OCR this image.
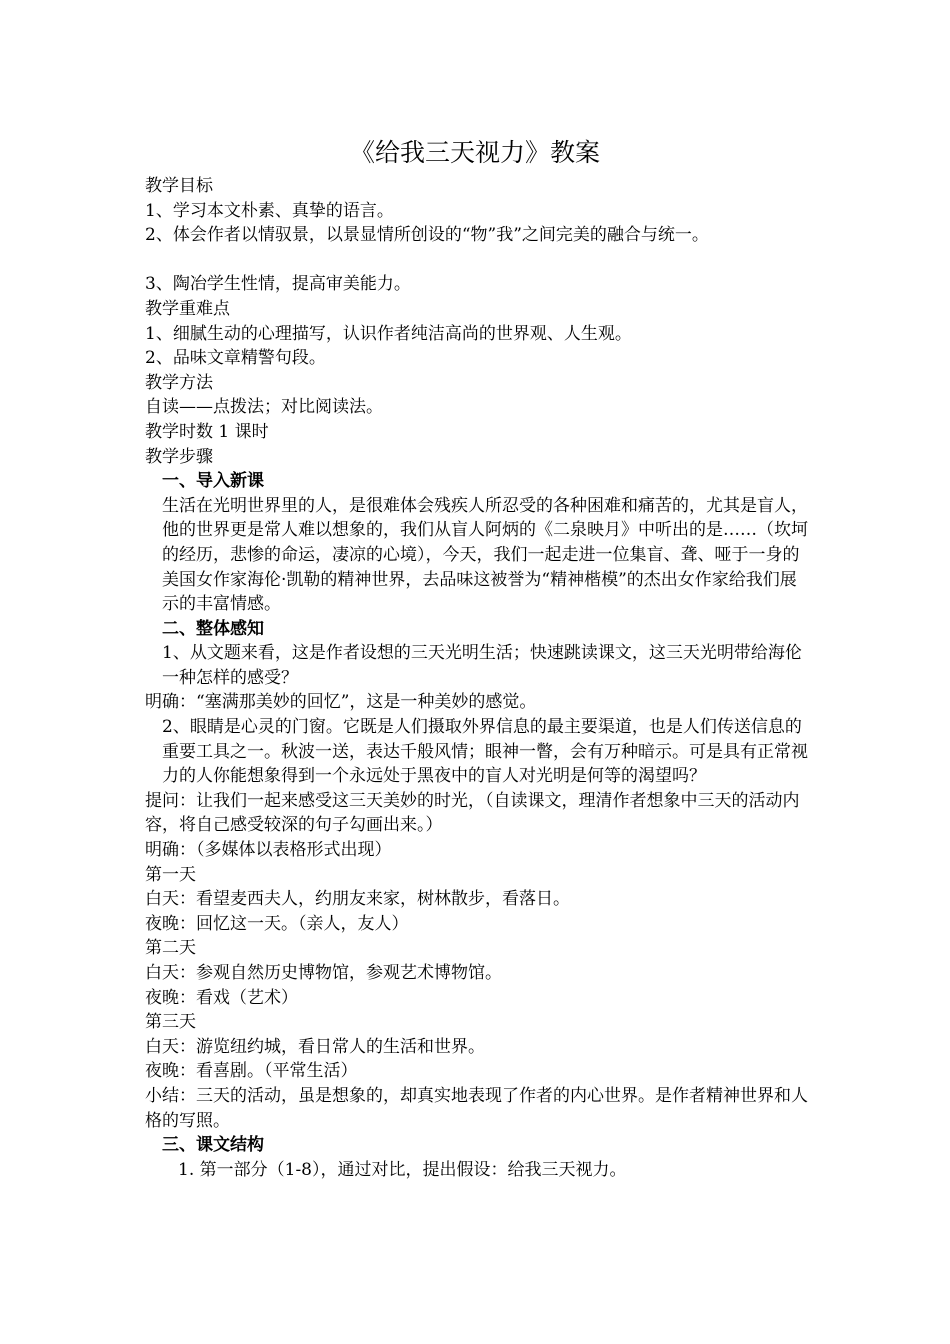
《给我三天视力》教案

教学目标

1、学习本文朴素、真挚的语言。

2、体会作者以情驭景，以景显情所创设的“物”我”之间完美的融合与统一。

3、陶冶学生性情，提高审美能力。

教学重难点

1、细腻生动的心理描写，认识作者纯洁高尚的世界观、人生观。

2、品味文章精警句段。

教学方法

自读——点拨法；对比阅读法。

教学时数 1 课时

教学步骤

一、导入新课

生活在光明世界里的人，是很难体会残疾人所忍受的各种困难和痛苦的，尤其是盲人，他的世界更是常人难以想象的，我们从盲人阿炳的《二泉映月》中听出的是……（坎坷的经历，悲惨的命运，凄凉的心境），今天，我们一起走进一位集盲、聋、哑于一身的美国女作家海伦·凯勒的精神世界，去品味这被誉为“精神楷模”的杰出女作家给我们展示的丰富情感。

二、整体感知

1、从文题来看，这是作者设想的三天光明生活；快速跳读课文，这三天光明带给海伦一种怎样的感受？

明确：“塞满那美妙的回忆”，这是一种美妙的感觉。

2、眼睛是心灵的门窗。它既是人们摄取外界信息的最主要渠道，也是人们传送信息的重要工具之一。秋波一送，表达千般风情；眼神一瞥，会有万种暗示。可是具有正常视力的人你能想象得到一个永远处于黑夜中的盲人对光明是何等的渴望吗？

提问：让我们一起来感受这三天美妙的时光，（自读课文，理清作者想象中三天的活动内容，将自己感受较深的句子勾画出来。）

明确：（多媒体以表格形式出现）

第一天

白天：看望麦西夫人，约朋友来家，树林散步，看落日。

夜晚：回忆这一天。（亲人，友人）

第二天

白天：参观自然历史博物馆，参观艺术博物馆。

夜晚：看戏（艺术）

第三天

白天：游览纽约城，看日常人的生活和世界。

夜晚：看喜剧。（平常生活）

小结：三天的活动，虽是想象的，却真实地表现了作者的内心世界。是作者精神世界和人格的写照。

三、课文结构

1. 第一部分（1-8），通过对比，提出假设：给我三天视力。
